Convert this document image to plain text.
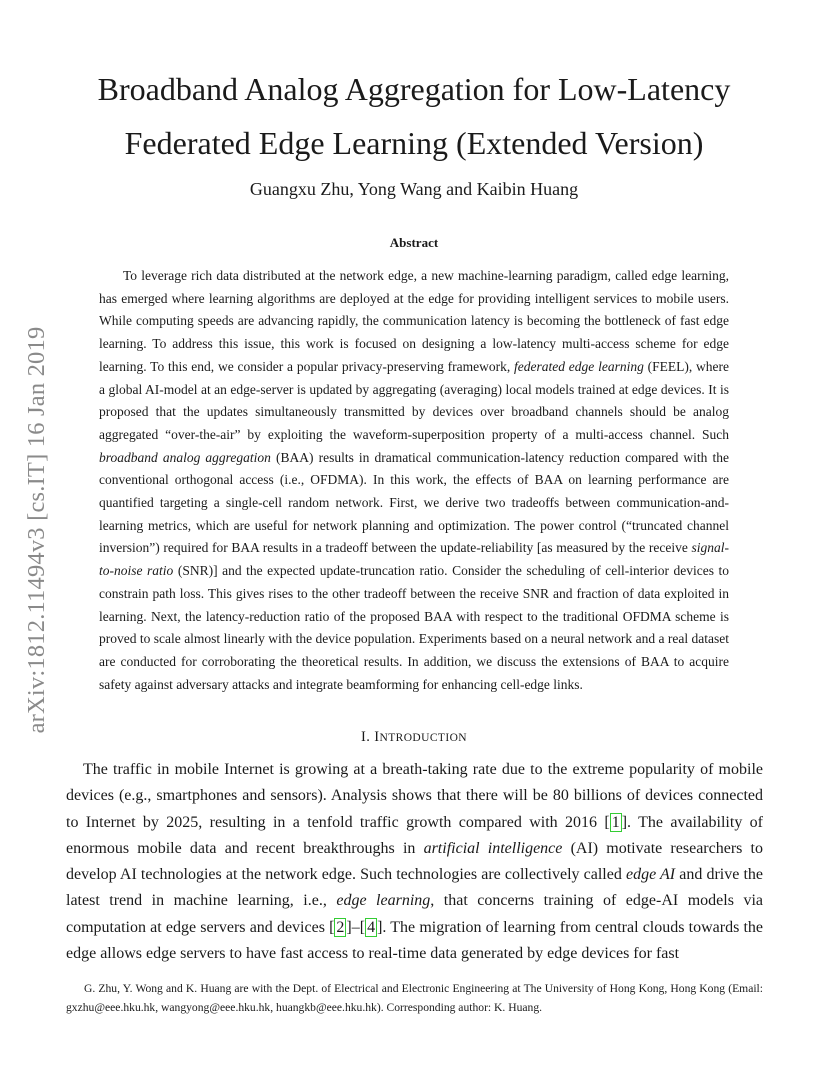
arXiv:1812.11494v3 [cs.IT] 16 Jan 2019
Broadband Analog Aggregation for Low-Latency
Federated Edge Learning (Extended Version)
Guangxu Zhu, Yong Wang and Kaibin Huang
Abstract

To leverage rich data distributed at the network edge, a new machine-learning paradigm, called edge learning, has emerged where learning algorithms are deployed at the edge for providing intelligent services to mobile users. While computing speeds are advancing rapidly, the communication latency is becoming the bottleneck of fast edge learning. To address this issue, this work is focused on designing a low-latency multi-access scheme for edge learning. To this end, we consider a popular privacy-preserving framework, federated edge learning (FEEL), where a global AI-model at an edge-server is updated by aggregating (averaging) local models trained at edge devices. It is proposed that the updates simultaneously transmitted by devices over broadband channels should be analog aggregated “over-the-air” by exploiting the waveform-superposition property of a multi-access channel. Such broadband analog aggregation (BAA) results in dramatical communication-latency reduction compared with the conventional orthogonal access (i.e., OFDMA). In this work, the effects of BAA on learning performance are quantified targeting a single-cell random network. First, we derive two tradeoffs between communication-and-learning metrics, which are useful for network planning and optimization. The power control (“truncated channel inversion”) required for BAA results in a tradeoff between the update-reliability [as measured by the receive signal-to-noise ratio (SNR)] and the expected update-truncation ratio. Consider the scheduling of cell-interior devices to constrain path loss. This gives rises to the other tradeoff between the receive SNR and fraction of data exploited in learning. Next, the latency-reduction ratio of the proposed BAA with respect to the traditional OFDMA scheme is proved to scale almost linearly with the device population. Experiments based on a neural network and a real dataset are conducted for corroborating the theoretical results. In addition, we discuss the extensions of BAA to acquire safety against adversary attacks and integrate beamforming for enhancing cell-edge links.

I. INTRODUCTION

The traffic in mobile Internet is growing at a breath-taking rate due to the extreme popularity of mobile devices (e.g., smartphones and sensors). Analysis shows that there will be 80 billions of devices connected to Internet by 2025, resulting in a tenfold traffic growth compared with 2016 [ 1 ]. The availability of enormous mobile data and recent breakthroughs in artificial intelligence (AI) motivate researchers to develop AI technologies at the network edge. Such technologies are collectively called edge AI and drive the latest trend in machine learning, i.e., edge learning, that concerns training of edge-AI models via computation at edge servers and devices [ 2 ]–[ 4 ]. The migration of learning from central clouds towards the edge allows edge servers to have fast access to real-time data generated by edge devices for fast

G. Zhu, Y. Wong and K. Huang are with the Dept. of Electrical and Electronic Engineering at The University of Hong Kong, Hong Kong (Email: gxzhu@eee.hku.hk, wangyong@eee.hku.hk, huangkb@eee.hku.hk). Corresponding author: K. Huang.
